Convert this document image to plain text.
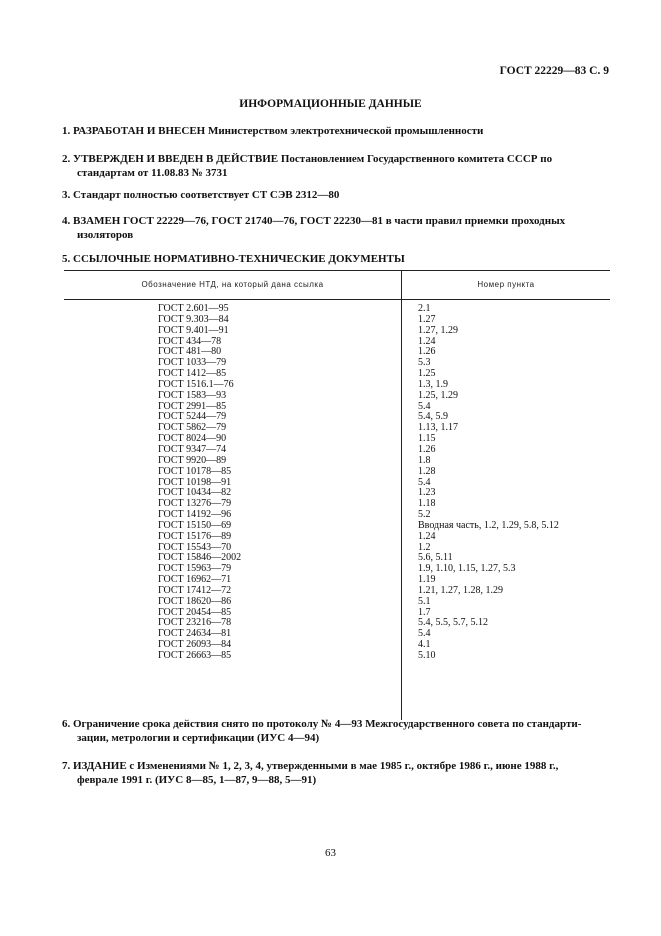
ГОСТ 22229—83 С. 9
ИНФОРМАЦИОННЫЕ ДАННЫЕ
1. РАЗРАБОТАН И ВНЕСЕН Министерством электротехнической промышленности
2. УТВЕРЖДЕН И ВВЕДЕН В ДЕЙСТВИЕ Постановлением Государственного комитета СССР по
стандартам от 11.08.83 № 3731
3. Стандарт полностью соответствует СТ СЭВ 2312—80
4. ВЗАМЕН ГОСТ 22229—76, ГОСТ 21740—76, ГОСТ 22230—81 в части правил приемки проходных
изоляторов
5. ССЫЛОЧНЫЕ НОРМАТИВНО-ТЕХНИЧЕСКИЕ ДОКУМЕНТЫ
Обозначение НТД, на который дана ссылка	Номер пункта
ГОСТ 2.601—95	2.1
ГОСТ 9.303—84	1.27
ГОСТ 9.401—91	1.27, 1.29
ГОСТ 434—78	1.24
ГОСТ 481—80	1.26
ГОСТ 1033—79	5.3
ГОСТ 1412—85	1.25
ГОСТ 1516.1—76	1.3, 1.9
ГОСТ 1583—93	1.25, 1.29
ГОСТ 2991—85	5.4
ГОСТ 5244—79	5.4, 5.9
ГОСТ 5862—79	1.13, 1.17
ГОСТ 8024—90	1.15
ГОСТ 9347—74	1.26
ГОСТ 9920—89	1.8
ГОСТ 10178—85	1.28
ГОСТ 10198—91	5.4
ГОСТ 10434—82	1.23
ГОСТ 13276—79	1.18
ГОСТ 14192—96	5.2
ГОСТ 15150—69	Вводная часть, 1.2, 1.29, 5.8, 5.12
ГОСТ 15176—89	1.24
ГОСТ 15543—70	1.2
ГОСТ 15846—2002	5.6, 5.11
ГОСТ 15963—79	1.9, 1.10, 1.15, 1.27, 5.3
ГОСТ 16962—71	1.19
ГОСТ 17412—72	1.21, 1.27, 1.28, 1.29
ГОСТ 18620—86	5.1
ГОСТ 20454—85	1.7
ГОСТ 23216—78	5.4, 5.5, 5.7, 5.12
ГОСТ 24634—81	5.4
ГОСТ 26093—84	4.1
ГОСТ 26663—85	5.10
6. Ограничение срока действия снято по протоколу № 4—93 Межгосударственного совета по стандарти-
зации, метрологии и сертификации (ИУС 4—94)
7. ИЗДАНИЕ с Изменениями № 1, 2, 3, 4, утвержденными в мае 1985 г., октябре 1986 г., июне 1988 г.,
феврале 1991 г. (ИУС 8—85, 1—87, 9—88, 5—91)
63
